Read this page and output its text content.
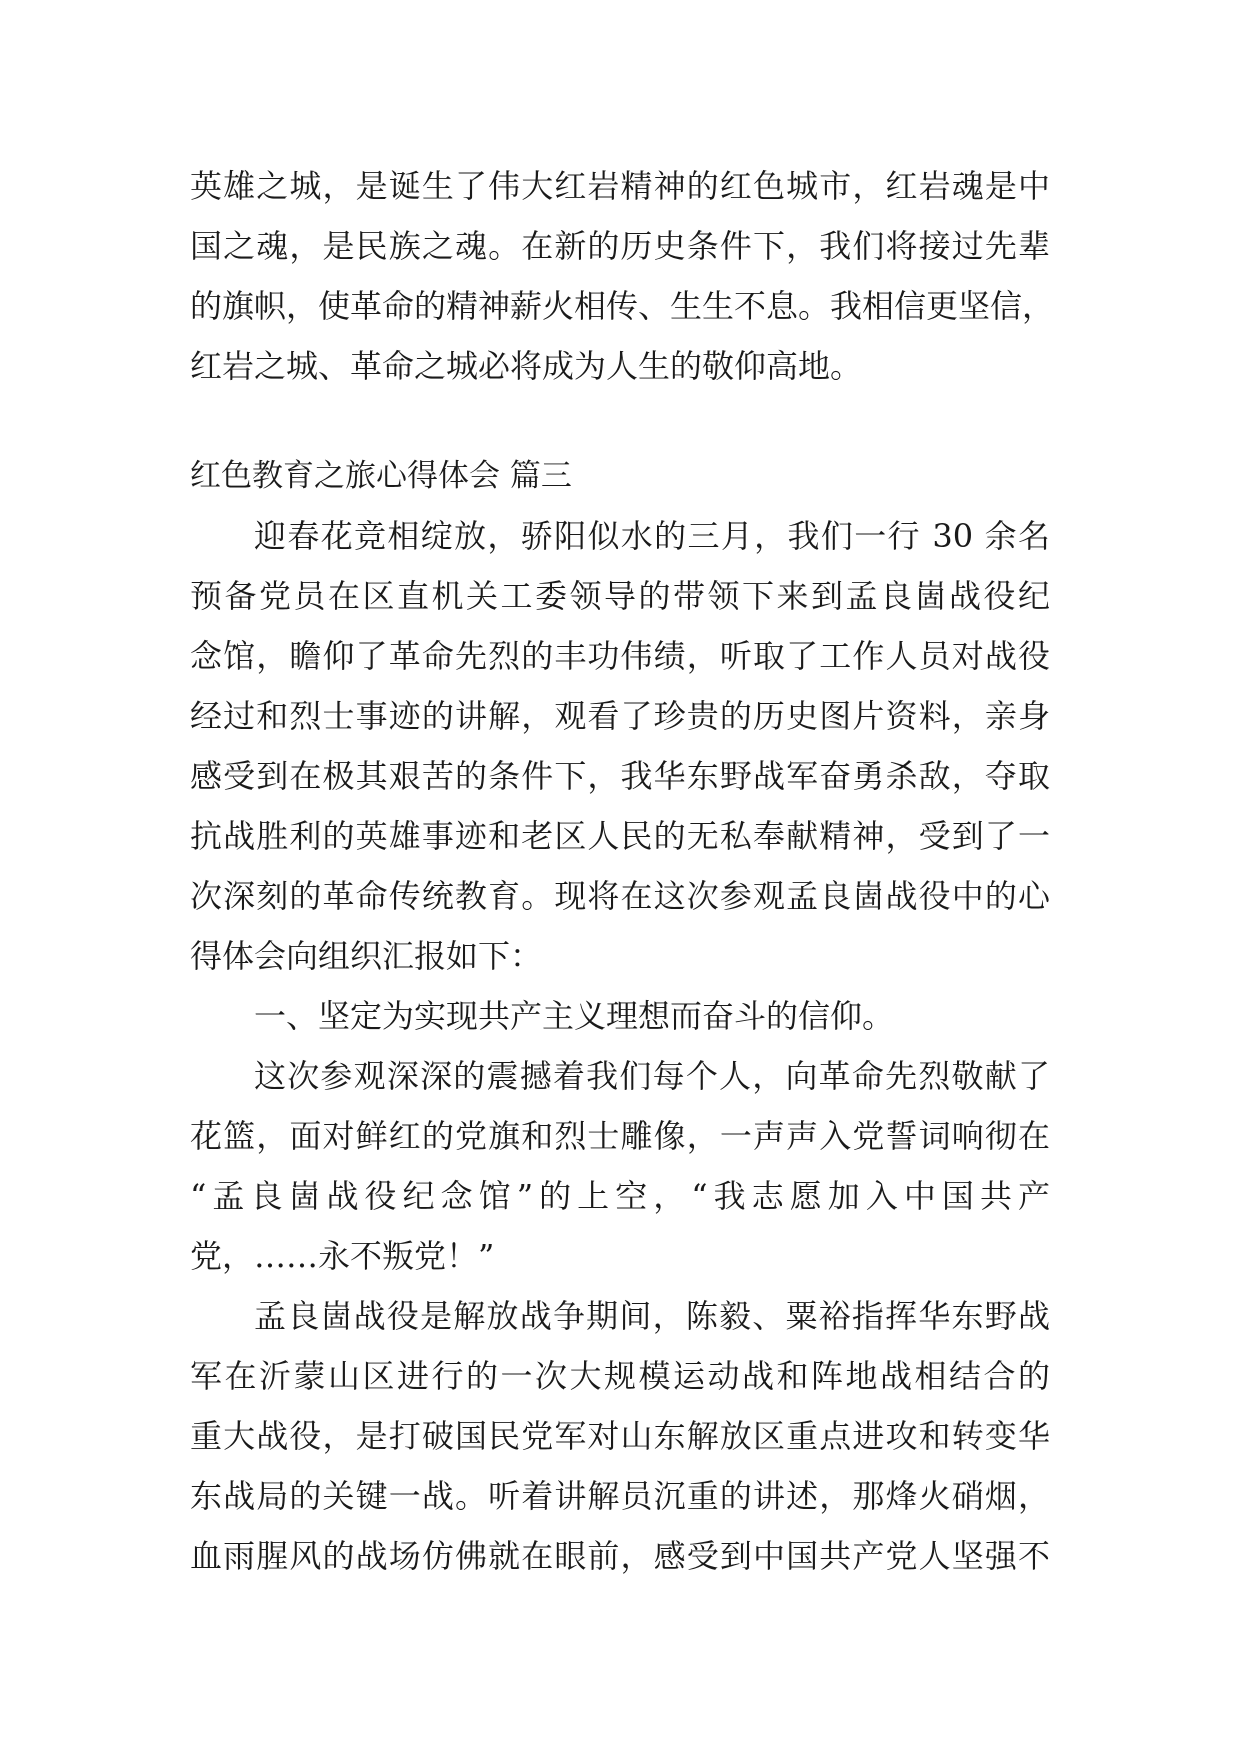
英雄之城，是诞生了伟大红岩精神的红色城市，红岩魂是中
国之魂，是民族之魂。在新的历史条件下，我们将接过先辈
的旗帜，使革命的精神薪火相传、生生不息。我相信更坚信，
红岩之城、革命之城必将成为人生的敬仰高地。
红色教育之旅心得体会 篇三
迎春花竞相绽放，骄阳似水的三月，我们一行 30 余名
预备党员在区直机关工委领导的带领下来到孟良崮战役纪
念馆，瞻仰了革命先烈的丰功伟绩，听取了工作人员对战役
经过和烈士事迹的讲解，观看了珍贵的历史图片资料，亲身
感受到在极其艰苦的条件下，我华东野战军奋勇杀敌，夺取
抗战胜利的英雄事迹和老区人民的无私奉献精神，受到了一
次深刻的革命传统教育。现将在这次参观孟良崮战役中的心
得体会向组织汇报如下：
一、坚定为实现共产主义理想而奋斗的信仰。
这次参观深深的震撼着我们每个人，向革命先烈敬献了
花篮，面对鲜红的党旗和烈士雕像，一声声入党誓词响彻在
“孟良崮战役纪念馆”的上空，“我志愿加入中国共产
党，……永不叛党！”
孟良崮战役是解放战争期间，陈毅、粟裕指挥华东野战
军在沂蒙山区进行的一次大规模运动战和阵地战相结合的
重大战役，是打破国民党军对山东解放区重点进攻和转变华
东战局的关键一战。听着讲解员沉重的讲述，那烽火硝烟，
血雨腥风的战场仿佛就在眼前，感受到中国共产党人坚强不
